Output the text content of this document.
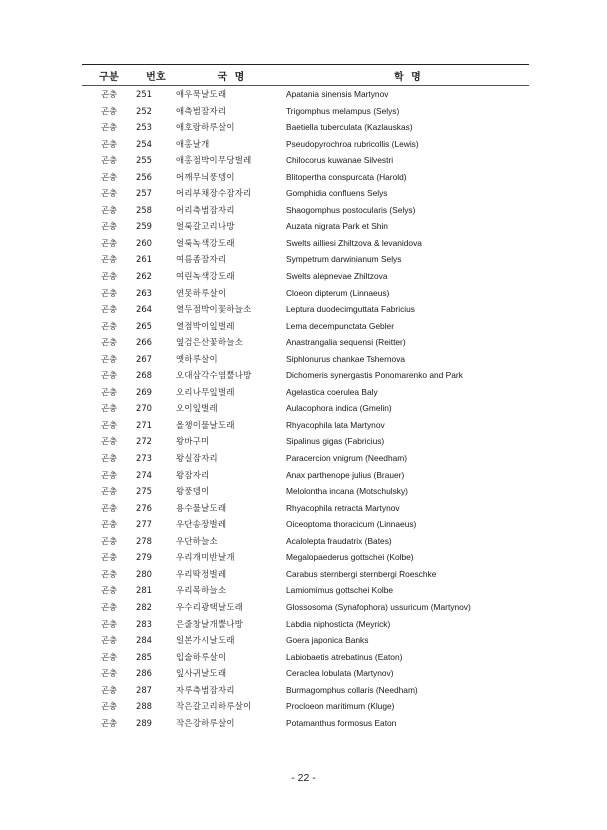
구분	번호	국  명	학  명
곤충	251	애우묵날도래	Apatania sinensis Martynov
곤충	252	애측범잠자리	Trigomphus melampus (Selys)
곤충	253	애호랑하루살이	Baetiella tuberculata (Kazlauskas)
곤충	254	애홍날개	Pseudopyrochroa rubricollis (Lewis)
곤충	255	애홍점박이무당벌레	Chilocorus kuwanae Silvestri
곤충	256	어깨무늬풍뎅이	Blitopertha conspurcata (Harold)
곤충	257	어리부채장수잠자리	Gomphidia confluens Selys
곤충	258	어리측범잠자리	Shaogomphus postocularis (Selys)
곤충	259	얼룩갈고리나방	Auzata nigrata Park et Shin
곤충	260	얼룩녹색강도래	Swelts ailliesi Zhiltzova & levanidova
곤충	261	여름좀잠자리	Sympetrum darwinianum Selys
곤충	262	여린녹색강도래	Swelts alepnevae Zhiltzova
곤충	263	연못하루살이	Cloeon dipterum (Linnaeus)
곤충	264	열두점박이꽃하늘소	Leptura duodecimguttata Fabricius
곤충	265	열점박이잎벌레	Lema decempunctata Gebler
곤충	266	옆검은산꽃하늘소	Anastrangalia sequensi (Reitter)
곤충	267	옛하루살이	Siphlonurus chankae Tshernova
곤충	268	오대삼각수염뿔나방	Dichomeris synergastis Ponomarenko and Park
곤충	269	오리나무잎벌레	Agelastica coerulea Baly
곤충	270	오이잎벌레	Aulacophora indica (Gmelin)
곤충	271	올챙이물날도래	Rhyacophila lata Martynov
곤충	272	왕바구미	Sipalinus gigas (Fabricius)
곤충	273	왕실잠자리	Paracercion vnigrum (Needham)
곤충	274	왕잠자리	Anax parthenope julius (Brauer)
곤충	275	왕풍뎅이	Melolontha incana (Motschulsky)
곤충	276	용수물날도래	Rhyacophila retracta Martynov
곤충	277	우단송장벌레	Oiceoptoma thoracicum (Linnaeus)
곤충	278	우단하늘소	Acalolepta fraudatrix (Bates)
곤충	279	우리개미반날개	Megalopaederus gottschei (Kolbe)
곤충	280	우리딱정벌레	Carabus sternbergi sternbergi Roeschke
곤충	281	우리목하늘소	Lamiomimus gottschei Kolbe
곤충	282	우수리광택날도래	Glossosoma (Synafophora) ussuricum (Martynov)
곤충	283	은줄창날개뿔나방	Labdia niphosticta (Meyrick)
곤충	284	일본가시날도래	Goera japonica Banks
곤충	285	입술하루살이	Labiobaetis atrebatinus (Eaton)
곤충	286	잎사귀날도래	Ceraclea lobulata (Martynov)
곤충	287	자루측범잠자리	Burmagomphus collaris (Needham)
곤충	288	작은갈고리하루살이	Procloeon maritimum (Kluge)
곤충	289	작은강하루살이	Potamanthus formosus Eaton
- 22 -
